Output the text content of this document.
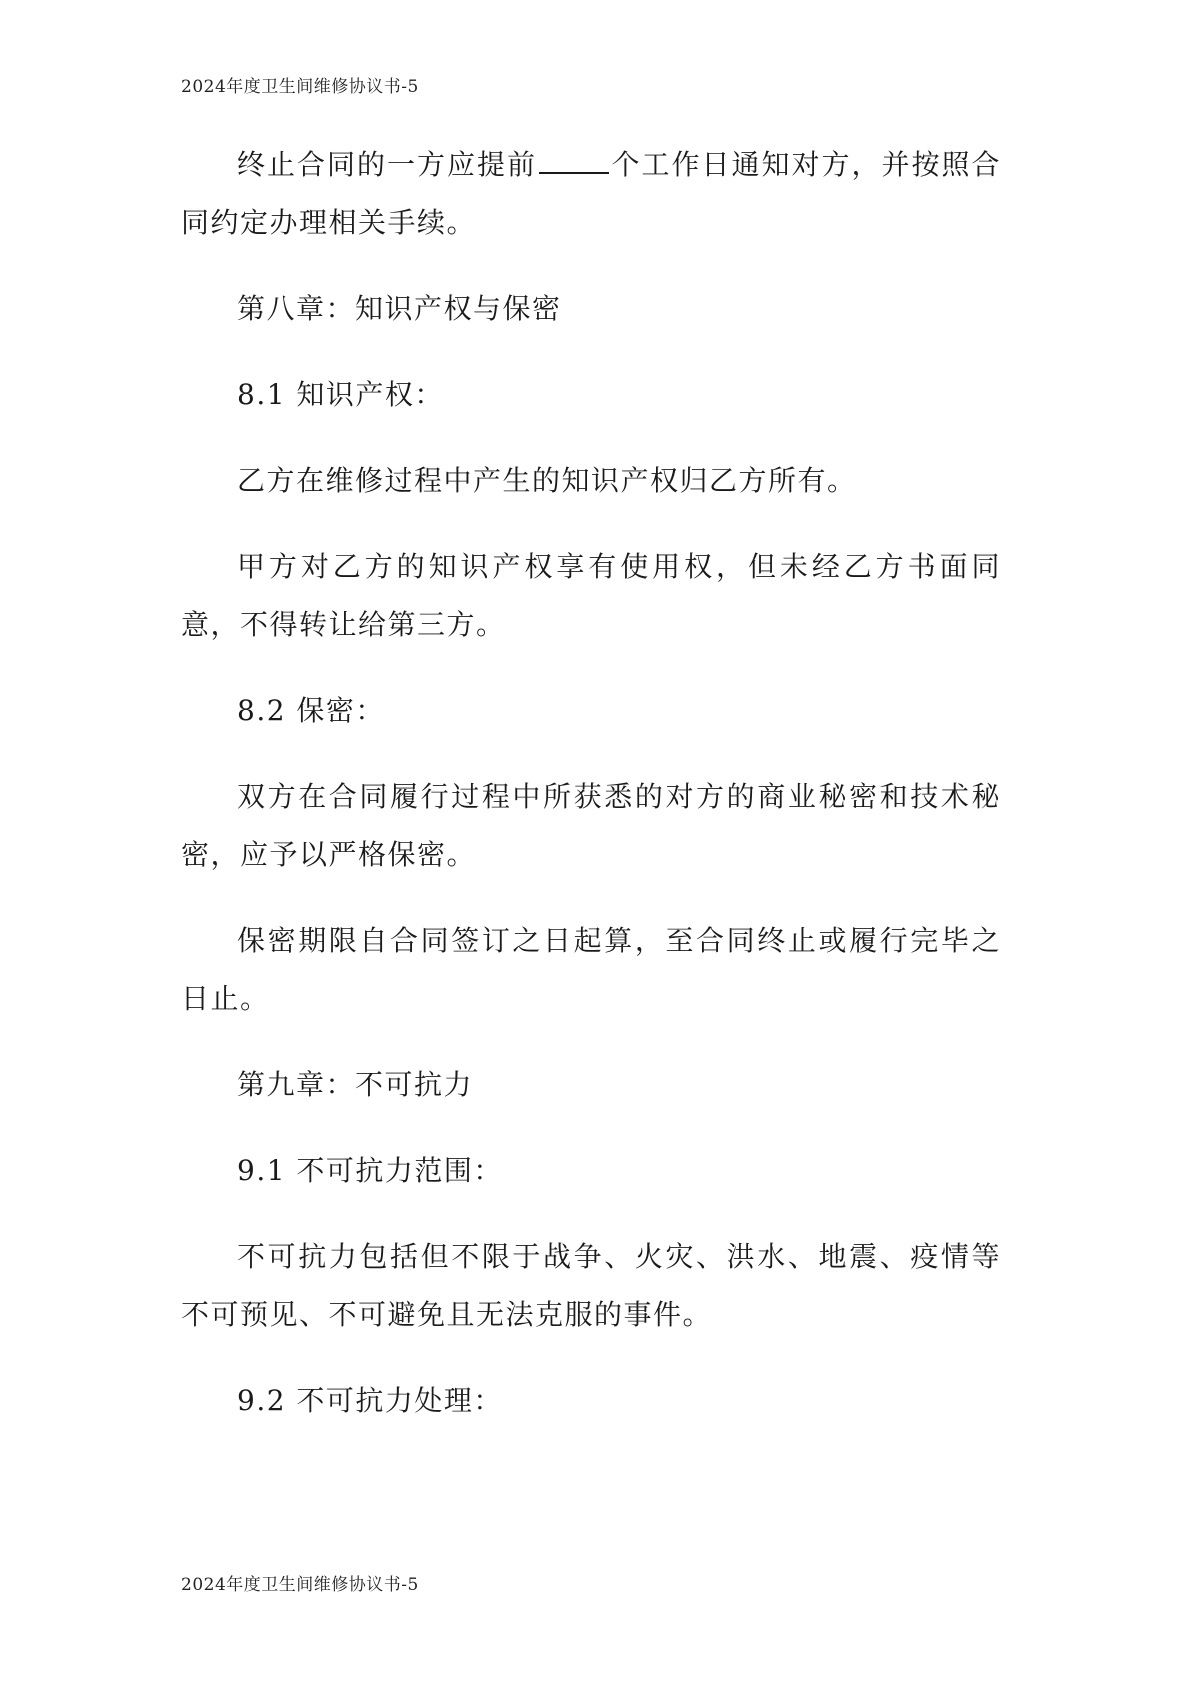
2024年度卫生间维修协议书-5

终止合同的一方应提前	个工作日通知对方，并按照合同约定办理相关手续。

第八章：知识产权与保密

8.1 知识产权：

乙方在维修过程中产生的知识产权归乙方所有。

甲方对乙方的知识产权享有使用权，但未经乙方书面同意，不得转让给第三方。

8.2 保密：

双方在合同履行过程中所获悉的对方的商业秘密和技术秘密，应予以严格保密。

保密期限自合同签订之日起算，至合同终止或履行完毕之日止。

第九章：不可抗力

9.1 不可抗力范围：

不可抗力包括但不限于战争、火灾、洪水、地震、疫情等不可预见、不可避免且无法克服的事件。

9.2 不可抗力处理：

2024年度卫生间维修协议书-5
